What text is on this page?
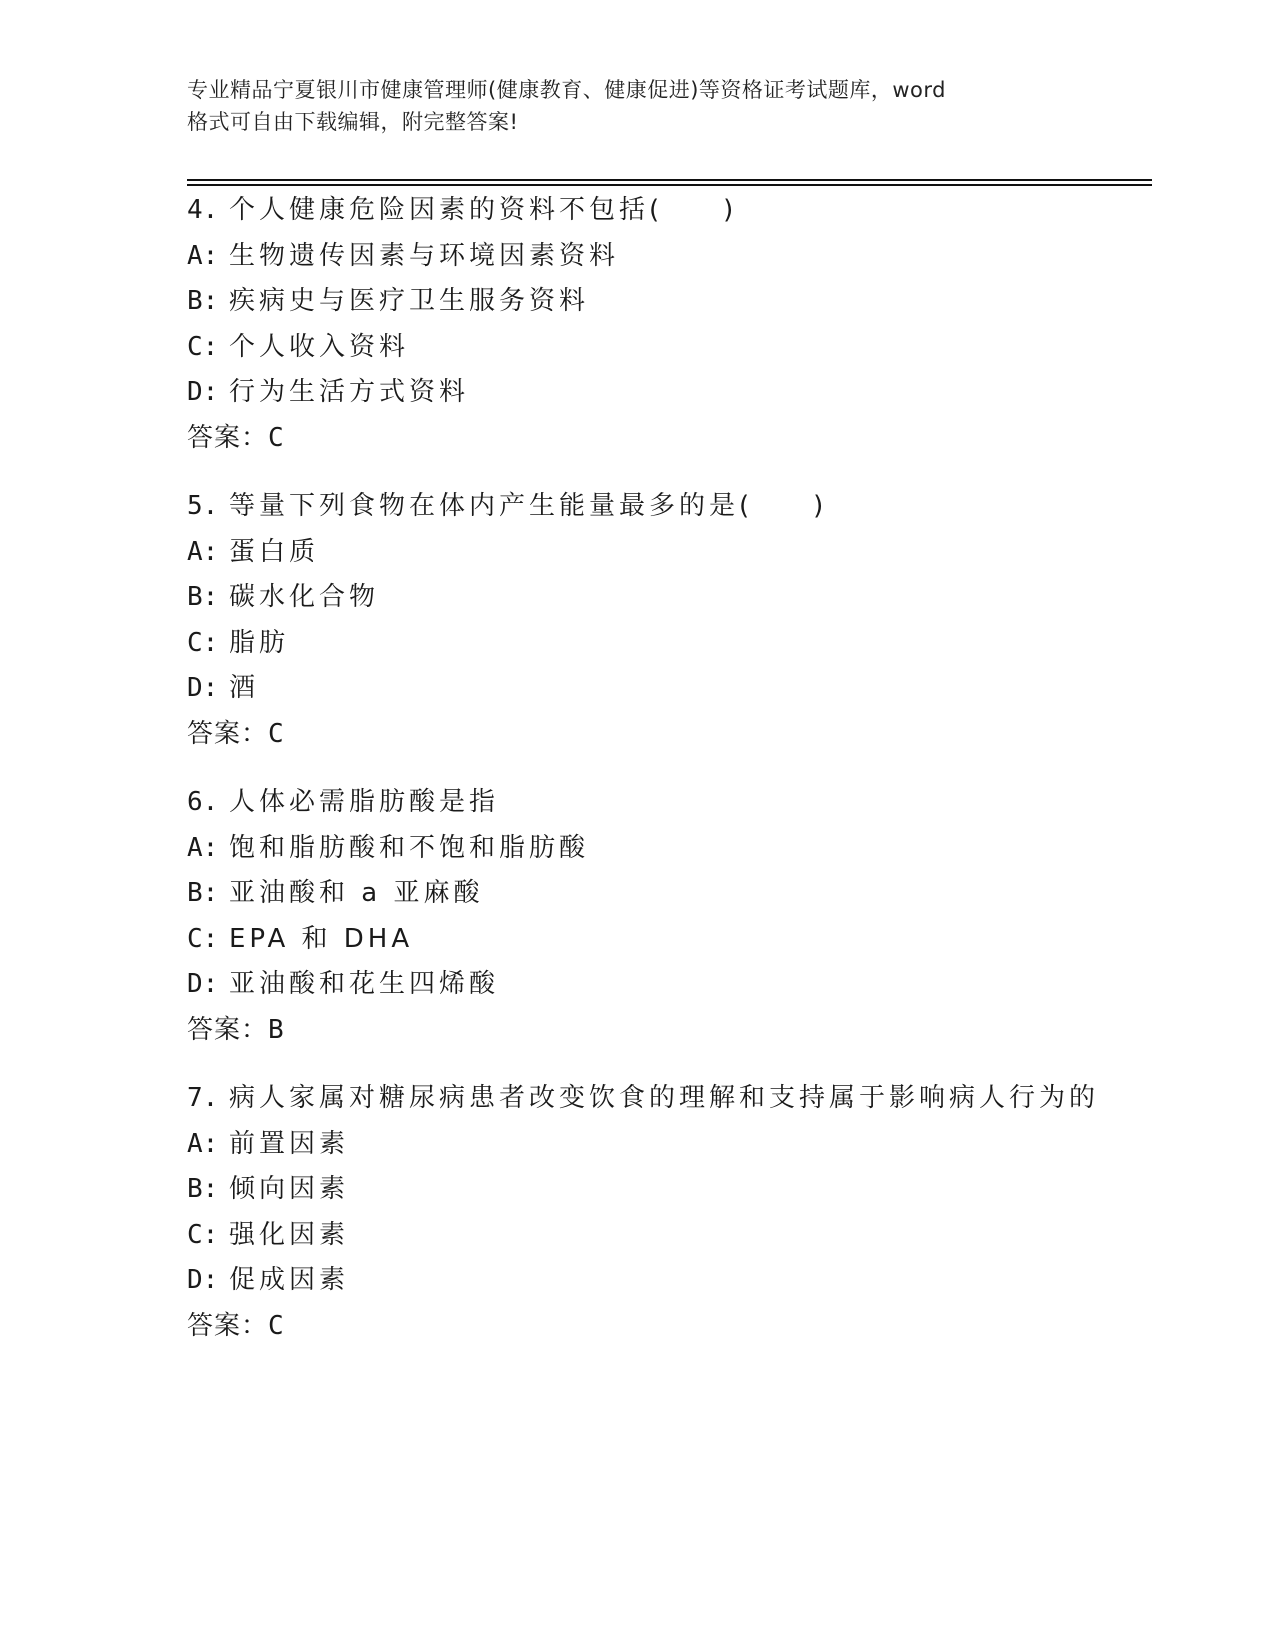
专业精品宁夏银川市健康管理师(健康教育、健康促进)等资格证考试题库，word
格式可自由下载编辑，附完整答案!
4. 个人健康危险因素的资料不包括(　　)
A: 生物遗传因素与环境因素资料
B: 疾病史与医疗卫生服务资料
C: 个人收入资料
D: 行为生活方式资料
答案：C
5. 等量下列食物在体内产生能量最多的是(　　)
A: 蛋白质
B: 碳水化合物
C: 脂肪
D: 酒
答案：C
6. 人体必需脂肪酸是指
A: 饱和脂肪酸和不饱和脂肪酸
B: 亚油酸和 a 亚麻酸
C: EPA 和 DHA
D: 亚油酸和花生四烯酸
答案：B
7. 病人家属对糖尿病患者改变饮食的理解和支持属于影响病人行为的
A: 前置因素
B: 倾向因素
C: 强化因素
D: 促成因素
答案：C
